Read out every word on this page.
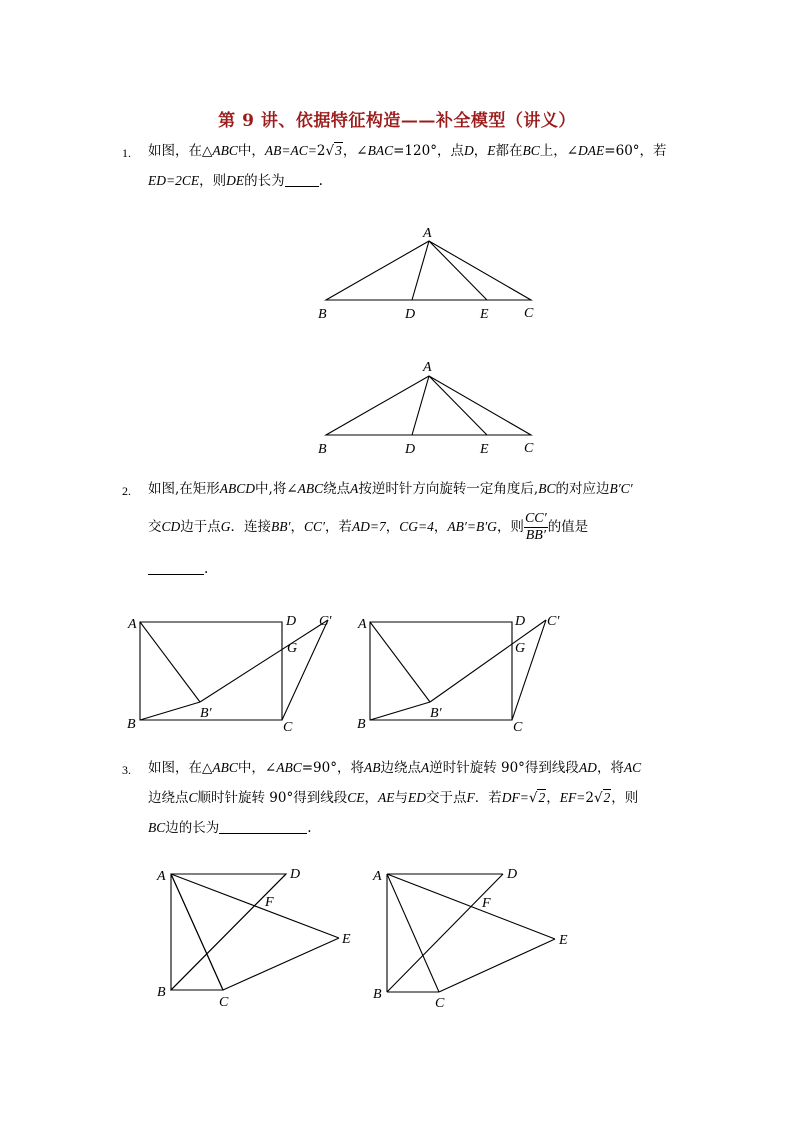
第 9 讲、依据特征构造——补全模型（讲义）
1. 如图，在△ABC中，AB=AC=2√3，∠BAC=120°，点D，E都在BC上，∠DAE=60°，若
ED=2CE，则DE的长为	.
A
B	D	E	C
A
B	D	E	C
A	D C′
G
B
B′
C
A	D C′
G
B
B′
C
A	D
F
E
B
C
A	D
F
E
B
C
2. 如图,在矩形ABCD中,将∠ABC绕点A按逆时针方向旋转一定角度后,BC的对应边B′C′
交CD边于点G．连接BB′，CC′，若AD=7，CG=4，AB′=B′G，则 $\frac{CC'}{BB'}$ 的值是
.
3. 如图，在△ABC中，∠ABC=90°，将AB边绕点A逆时针旋转 90°得到线段AD，将AC
边绕点C顺时针旋转 90°得到线段CE，AE与ED交于点F．若DF=√2，EF=2√2，则
BC边的长为	.
